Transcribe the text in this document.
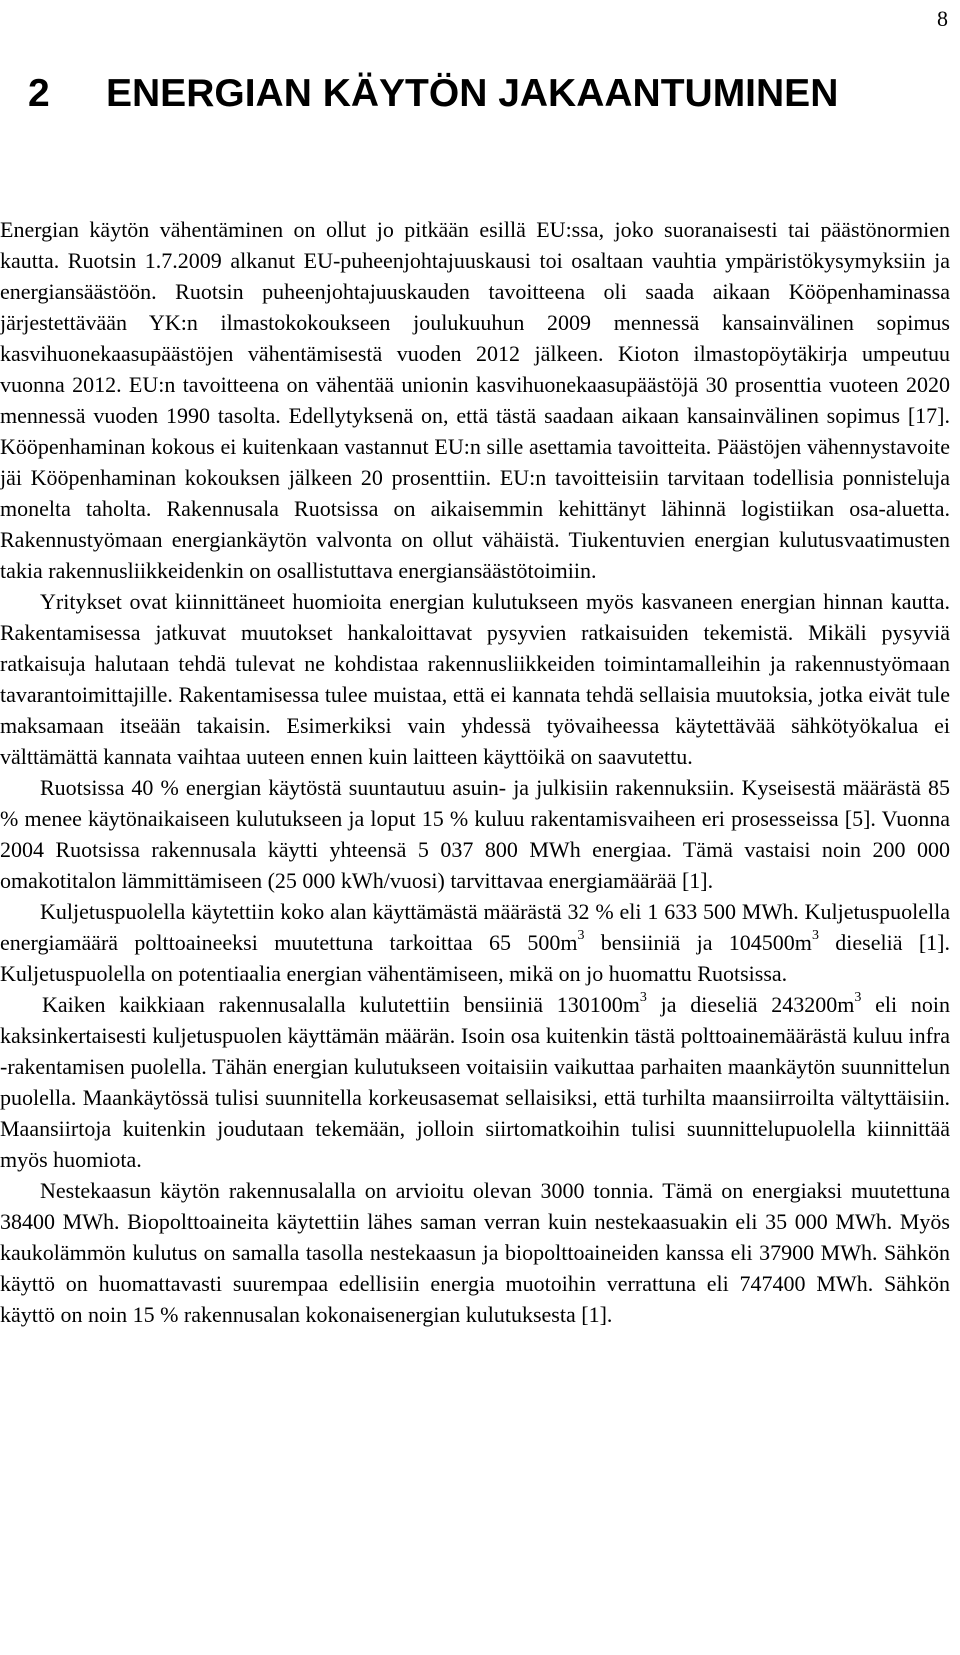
8
2 ENERGIAN KÄYTÖN JAKAANTUMINEN

Energian käytön vähentäminen on ollut jo pitkään esillä EU:ssa, joko suoranaisesti tai päästönormien kautta. Ruotsin 1.7.2009 alkanut EU-puheenjohtajuuskausi toi osaltaan vauhtia ympäristökysymyksiin ja energiansäästöön. Ruotsin puheenjohtajuuskauden tavoitteena oli saada aikaan Kööpenhaminassa järjestettävään YK:n ilmastokokoukseen joulukuuhun 2009 mennessä kansainvälinen sopimus kasvihuonekaasupäästöjen vähentämisestä vuoden 2012 jälkeen. Kioton ilmastopöytäkirja umpeutuu vuonna 2012. EU:n tavoitteena on vähentää unionin kasvihuonekaasupäästöjä 30 prosenttia vuoteen 2020 mennessä vuoden 1990 tasolta. Edellytyksenä on, että tästä saadaan aikaan kansainvälinen sopimus [17]. Kööpenhaminan kokous ei kuitenkaan vastannut EU:n sille asettamia tavoitteita. Päästöjen vähennystavoite jäi Kööpenhaminan kokouksen jälkeen 20 prosenttiin. EU:n tavoitteisiin tarvitaan todellisia ponnisteluja monelta taholta. Rakennusala Ruotsissa on aikaisemmin kehittänyt lähinnä logistiikan osa-aluetta. Rakennustyömaan energiankäytön valvonta on ollut vähäistä. Tiukentuvien energian kulutusvaatimusten takia rakennusliikkeidenkin on osallistuttava energiansäästötoimiin.

Yritykset ovat kiinnittäneet huomioita energian kulutukseen myös kasvaneen energian hinnan kautta. Rakentamisessa jatkuvat muutokset hankaloittavat pysyvien ratkaisuiden tekemistä. Mikäli pysyviä ratkaisuja halutaan tehdä tulevat ne kohdistaa rakennusliikkeiden toimintamalleihin ja rakennustyömaan tavarantoimittajille. Rakentamisessa tulee muistaa, että ei kannata tehdä sellaisia muutoksia, jotka eivät tule maksamaan itseään takaisin. Esimerkiksi vain yhdessä työvaiheessa käytettävää sähkötyökalua ei välttämättä kannata vaihtaa uuteen ennen kuin laitteen käyttöikä on saavutettu.

Ruotsissa 40 % energian käytöstä suuntautuu asuin- ja julkisiin rakennuksiin. Kyseisestä määrästä 85 % menee käytönaikaiseen kulutukseen ja loput 15 % kuluu rakentamisvaiheen eri prosesseissa [5]. Vuonna 2004 Ruotsissa rakennusala käytti yhteensä 5 037 800 MWh energiaa. Tämä vastaisi noin 200 000 omakotitalon lämmittämiseen (25 000 kWh/vuosi) tarvittavaa energiamäärää [1].

Kuljetuspuolella käytettiin koko alan käyttämästä määrästä 32 % eli 1 633 500 MWh. Kuljetuspuolella energiamäärä polttoaineeksi muutettuna tarkoittaa 65 $500m^3$ bensiiniä ja $104500m^3$ dieseliä [1]. Kuljetuspuolella on potentiaalia energian vähentämiseen, mikä on jo huomattu Ruotsissa.

Kaiken kaikkiaan rakennusalalla kulutettiin bensiiniä $130100m^3$ ja dieseliä $243200m^3$ eli noin kaksinkertaisesti kuljetuspuolen käyttämän määrän. Isoin osa kuitenkin tästä polttoainemäärästä kuluu infra -rakentamisen puolella. Tähän energian kulutukseen voitaisiin vaikuttaa parhaiten maankäytön suunnittelun puolella. Maankäytössä tulisi suunnitella korkeusasemat sellaisiksi, että turhilta maansiirroilta vältyttäisiin. Maansiirtoja kuitenkin joudutaan tekemään, jolloin siirtomatkoihin tulisi suunnittelupuolella kiinnittää myös huomiota.

Nestekaasun käytön rakennusalalla on arvioitu olevan 3000 tonnia. Tämä on energiaksi muutettuna 38400 MWh. Biopolttoaineita käytettiin lähes saman verran kuin nestekaasuakin eli 35 000 MWh. Myös kaukolämmön kulutus on samalla tasolla nestekaasun ja biopolttoaineiden kanssa eli 37900 MWh. Sähkön käyttö on huomattavasti suurempaa edellisiin energia muotoihin verrattuna eli 747400 MWh. Sähkön käyttö on noin 15 % rakennusalan kokonaisenergian kulutuksesta [1].
